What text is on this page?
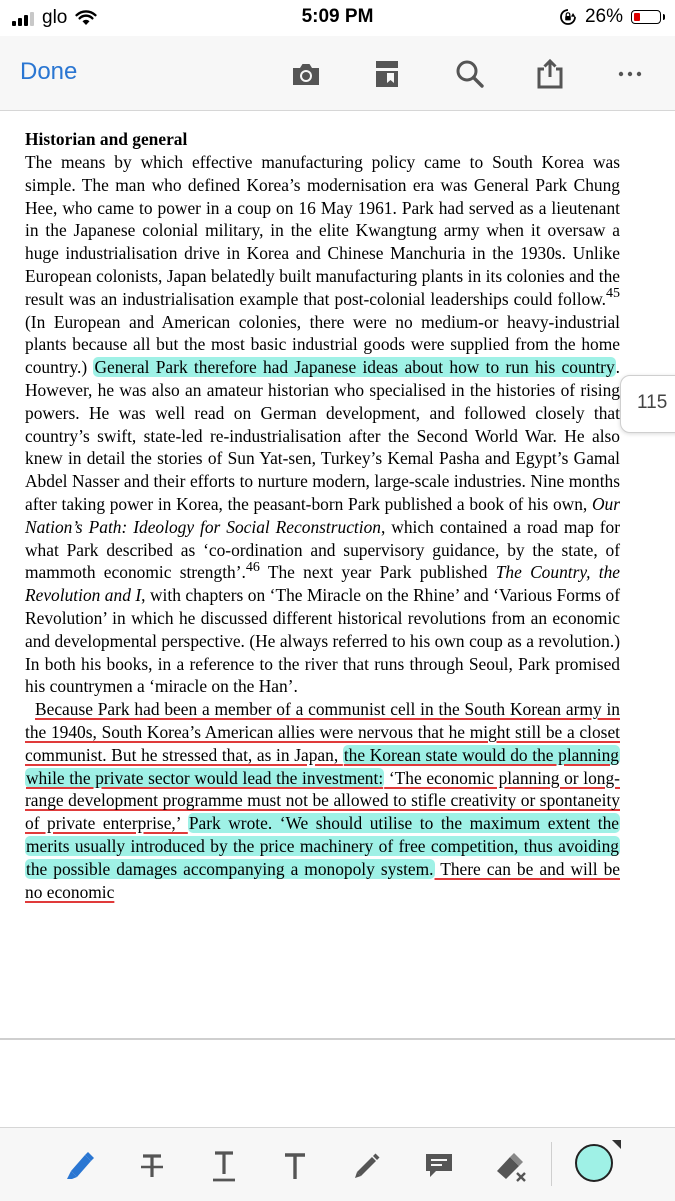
glo	5:09 PM	26%
Done
Historian and general

The means by which effective manufacturing policy came to South Korea was simple. The man who defined Korea’s modernisation era was General Park Chung Hee, who came to power in a coup on 16 May 1961. Park had served as a lieutenant in the Japanese colonial military, in the elite Kwangtung army when it oversaw a huge industrialisation drive in Korea and Chinese Manchuria in the 1930s. Unlike European colonists, Japan belatedly built manufacturing plants in its colonies and the result was an industrialisation example that post-colonial leaderships could follow.$^{45}$ (In European and American colonies, there were no medium-or heavy-industrial plants because all but the most basic industrial goods were supplied from the home country.) General Park therefore had Japanese ideas about how to run his country. However, he was also an amateur historian who specialised in the histories of rising powers. He was well read on German development, and followed closely that country’s swift, state-led re-industrialisation after the Second World War. He also knew in detail the stories of Sun Yat-sen, Turkey’s Kemal Pasha and Egypt’s Gamal Abdel Nasser and their efforts to nurture modern, large-scale industries. Nine months after taking power in Korea, the peasant-born Park published a book of his own, Our Nation’s Path: Ideology for Social Reconstruction, which contained a road map for what Park described as ‘co-ordination and supervisory guidance, by the state, of mammoth economic strength’.$^{46}$ The next year Park published The Country, the Revolution and I, with chapters on ‘The Miracle on the Rhine’ and ‘Various Forms of Revolution’ in which he discussed different historical revolutions from an economic and developmental perspective. (He always referred to his own coup as a revolution.) In both his books, in a reference to the river that runs through Seoul, Park promised his countrymen a ‘miracle on the Han’.

Because Park had been a member of a communist cell in the South Korean army in the 1940s, South Korea’s American allies were nervous that he might still be a closet communist. But he stressed that, as in Japan, the Korean state would do the planning while the private sector would lead the investment: ‘The economic planning or long-range development programme must not be allowed to stifle creativity or spontaneity of private enterprise,’ Park wrote. ‘We should utilise to the maximum extent the merits usually introduced by the price machinery of free competition, thus avoiding the possible damages accompanying a monopoly system. There can be and will be no economic

115
